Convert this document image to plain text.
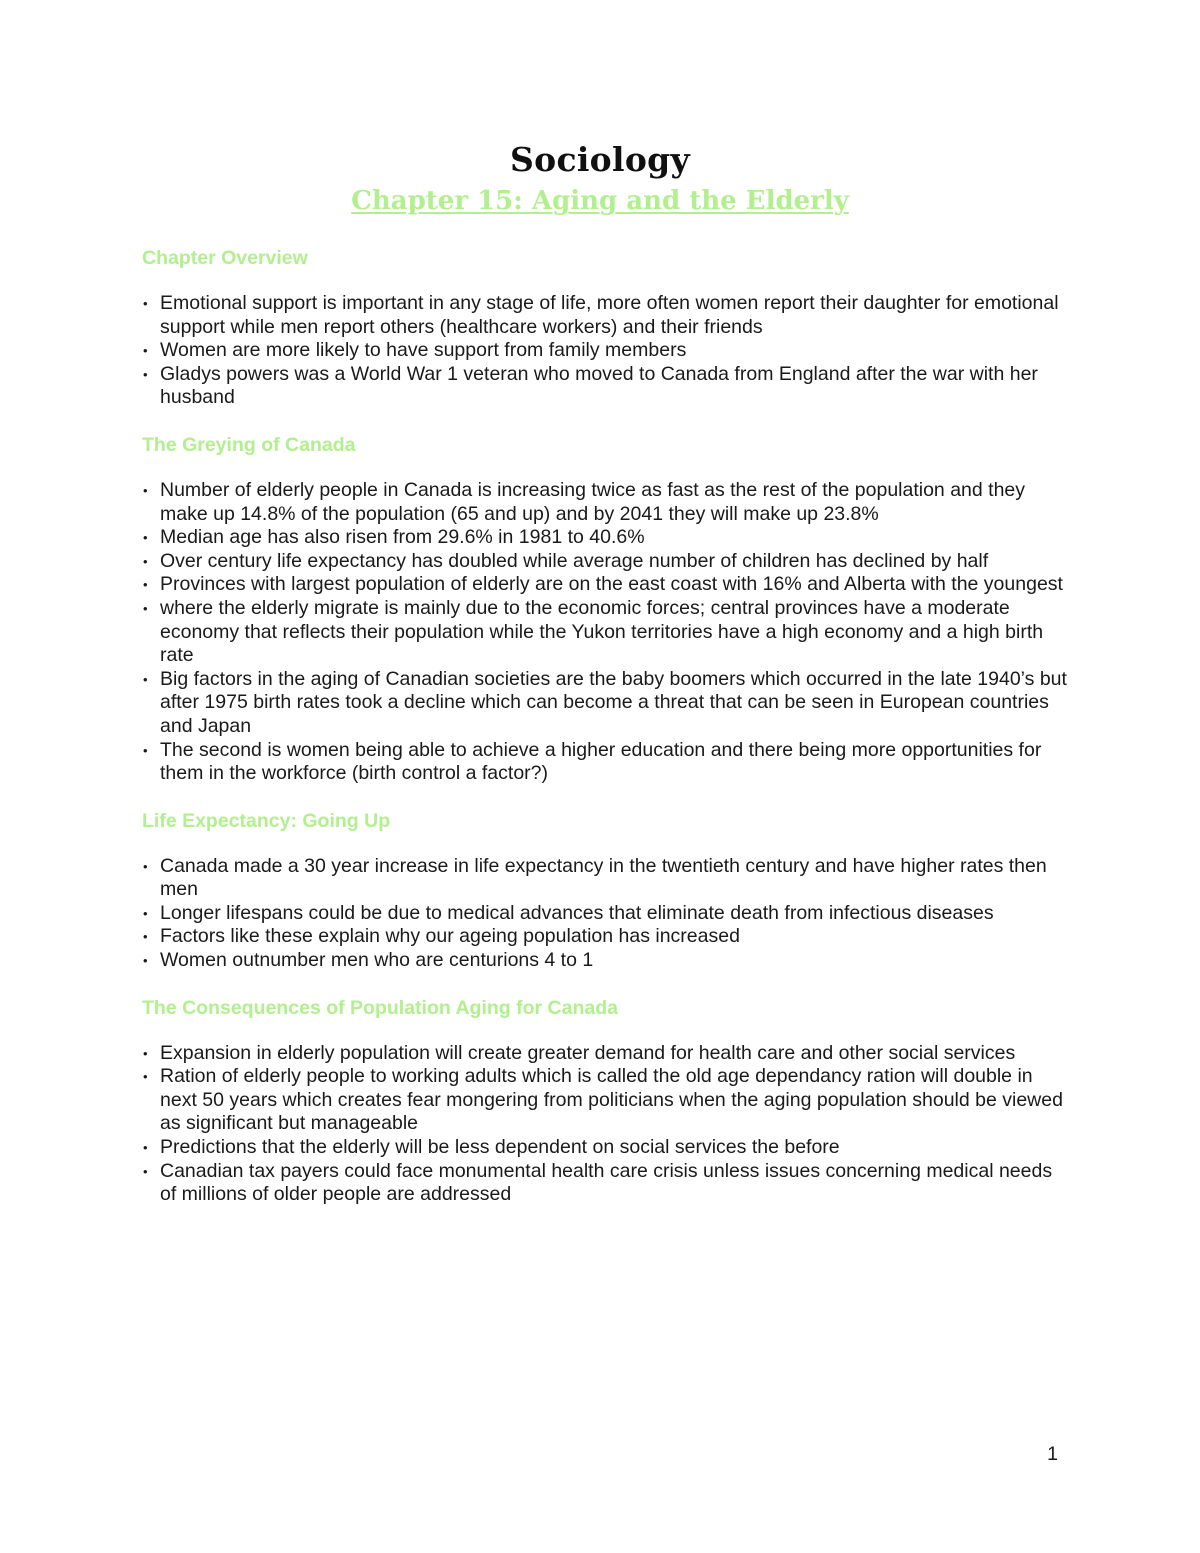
Sociology
Chapter 15: Aging and the Elderly
Chapter Overview
• Emotional support is important in any stage of life, more often women report their daughter for emotional support while men report others (healthcare workers) and their friends
• Women are more likely to have support from family members
• Gladys powers was a World War 1 veteran who moved to Canada from England after the war with her husband
The Greying of Canada
• Number of elderly people in Canada is increasing twice as fast as the rest of the population and they make up 14.8% of the population (65 and up) and by 2041 they will make up 23.8%
• Median age has also risen from 29.6% in 1981 to 40.6%
• Over century life expectancy has doubled while average number of children has declined by half
• Provinces with largest population of elderly are on the east coast with 16% and Alberta with the youngest
• where the elderly migrate is mainly due to the economic forces; central provinces have a moderate economy that reflects their population while the Yukon territories have a high economy and a high birth rate
• Big factors in the aging of Canadian societies are the baby boomers which occurred in the late 1940’s but after 1975 birth rates took a decline which can become a threat that can be seen in European countries and Japan
• The second is women being able to achieve a higher education and there being more opportunities for them in the workforce (birth control a factor?)
Life Expectancy: Going Up
• Canada made a 30 year increase in life expectancy in the twentieth century and have higher rates then men
• Longer lifespans could be due to medical advances that eliminate death from infectious diseases
• Factors like these explain why our ageing population has increased
• Women outnumber men who are centurions 4 to 1
The Consequences of Population Aging for Canada
• Expansion in elderly population will create greater demand for health care and other social services
• Ration of elderly people to working adults which is called the old age dependancy ration will double in next 50 years which creates fear mongering from politicians when the aging population should be viewed as significant but manageable
• Predictions that the elderly will be less dependent on social services the before
• Canadian tax payers could face monumental health care crisis unless issues concerning medical needs of millions of older people are addressed
1
